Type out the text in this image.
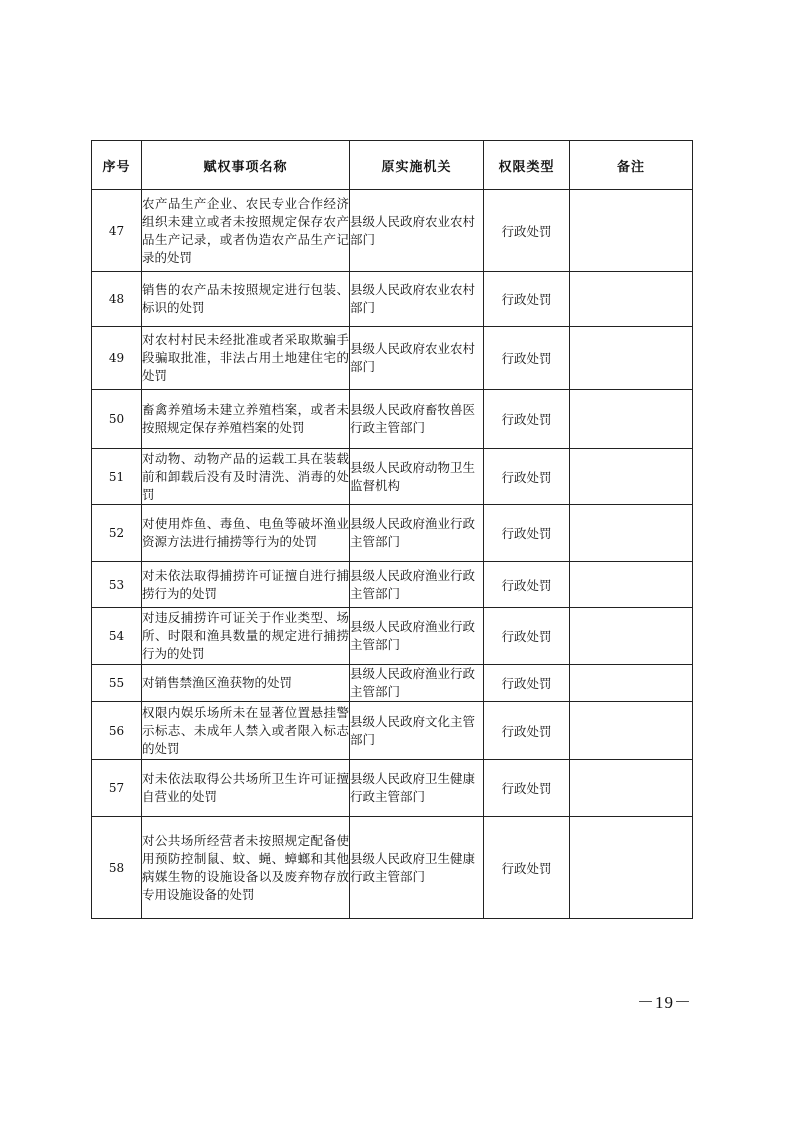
序号	赋权事项名称	原实施机关	权限类型	备注
47	农产品生产企业、农民专业合作经济组织未建立或者未按照规定保存农产品生产记录，或者伪造农产品生产记录的处罚	县级人民政府农业农村部门	行政处罚	
48	销售的农产品未按照规定进行包装、标识的处罚	县级人民政府农业农村部门	行政处罚	
49	对农村村民未经批准或者采取欺骗手段骗取批准，非法占用土地建住宅的处罚	县级人民政府农业农村部门	行政处罚	
50	畜禽养殖场未建立养殖档案，或者未按照规定保存养殖档案的处罚	县级人民政府畜牧兽医行政主管部门	行政处罚	
51	对动物、动物产品的运载工具在装载前和卸载后没有及时清洗、消毒的处罚	县级人民政府动物卫生监督机构	行政处罚	
52	对使用炸鱼、毒鱼、电鱼等破坏渔业资源方法进行捕捞等行为的处罚	县级人民政府渔业行政主管部门	行政处罚	
53	对未依法取得捕捞许可证擅自进行捕捞行为的处罚	县级人民政府渔业行政主管部门	行政处罚	
54	对违反捕捞许可证关于作业类型、场所、时限和渔具数量的规定进行捕捞行为的处罚	县级人民政府渔业行政主管部门	行政处罚	
55	对销售禁渔区渔获物的处罚	县级人民政府渔业行政主管部门	行政处罚	
56	权限内娱乐场所未在显著位置悬挂警示标志、未成年人禁入或者限入标志的处罚	县级人民政府文化主管部门	行政处罚	
57	对未依法取得公共场所卫生许可证擅自营业的处罚	县级人民政府卫生健康行政主管部门	行政处罚	
58	对公共场所经营者未按照规定配备使用预防控制鼠、蚊、蝇、蟑螂和其他病媒生物的设施设备以及废弃物存放专用设施设备的处罚	县级人民政府卫生健康行政主管部门	行政处罚	
－19－
